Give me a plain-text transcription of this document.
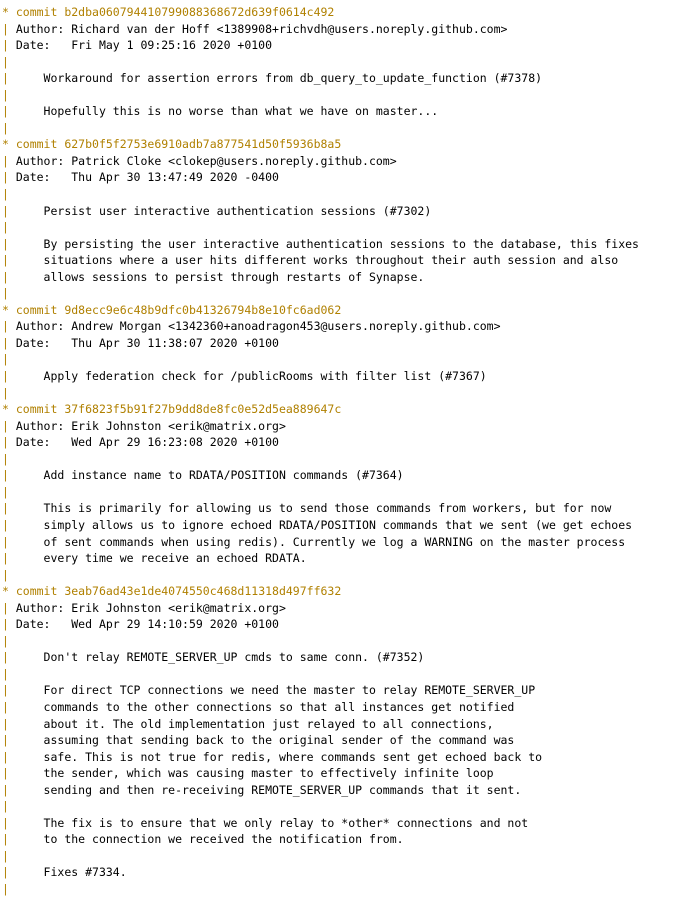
* commit b2dba06079441079908836867​2d639f0614c492
| Author: Richard van der Hoff <1389908+richvdh@users.noreply.github.com>
| Date:   Fri May 1 09:25:16 2020 +0100
|
|     Workaround for assertion errors from db_query_to_update_function (#7378)
|
|     Hopefully this is no worse than what we have on master...
|
* commit 627b0f5f2753e6910adb7a877541d50f5936b8a5
| Author: Patrick Cloke <clokep@users.noreply.github.com>
| Date:   Thu Apr 30 13:47:49 2020 -0400
|
|     Persist user interactive authentication sessions (#7302)
|
|     By persisting the user interactive authentication sessions to the database, this fixes
|     situations where a user hits different works throughout their auth session and also
|     allows sessions to persist through restarts of Synapse.
|
* commit 9d8ecc9e6c48b9dfc0b41326794b8e10fc6ad062
| Author: Andrew Morgan <1342360+anoadragon453@users.noreply.github.com>
| Date:   Thu Apr 30 11:38:07 2020 +0100
|
|     Apply federation check for /publicRooms with filter list (#7367)
|
* commit 37f6823f5b91f27b9dd8de8fc0e52d5ea889647c
| Author: Erik Johnston <erik@matrix.org>
| Date:   Wed Apr 29 16:23:08 2020 +0100
|
|     Add instance name to RDATA/POSITION commands (#7364)
|
|     This is primarily for allowing us to send those commands from workers, but for now
|     simply allows us to ignore echoed RDATA/POSITION commands that we sent (we get echoes
|     of sent commands when using redis). Currently we log a WARNING on the master process
|     every time we receive an echoed RDATA.
|
* commit 3eab76ad43e1de4074550c468d11318d497ff632
| Author: Erik Johnston <erik@matrix.org>
| Date:   Wed Apr 29 14:10:59 2020 +0100
|
|     Don't relay REMOTE_SERVER_UP cmds to same conn. (#7352)
|
|     For direct TCP connections we need the master to relay REMOTE_SERVER_UP
|     commands to the other connections so that all instances get notified
|     about it. The old implementation just relayed to all connections,
|     assuming that sending back to the original sender of the command was
|     safe. This is not true for redis, where commands sent get echoed back to
|     the sender, which was causing master to effectively infinite loop
|     sending and then re-receiving REMOTE_SERVER_UP commands that it sent.
|
|     The fix is to ensure that we only relay to *other* connections and not
|     to the connection we received the notification from.
|
|     Fixes #7334.
|
